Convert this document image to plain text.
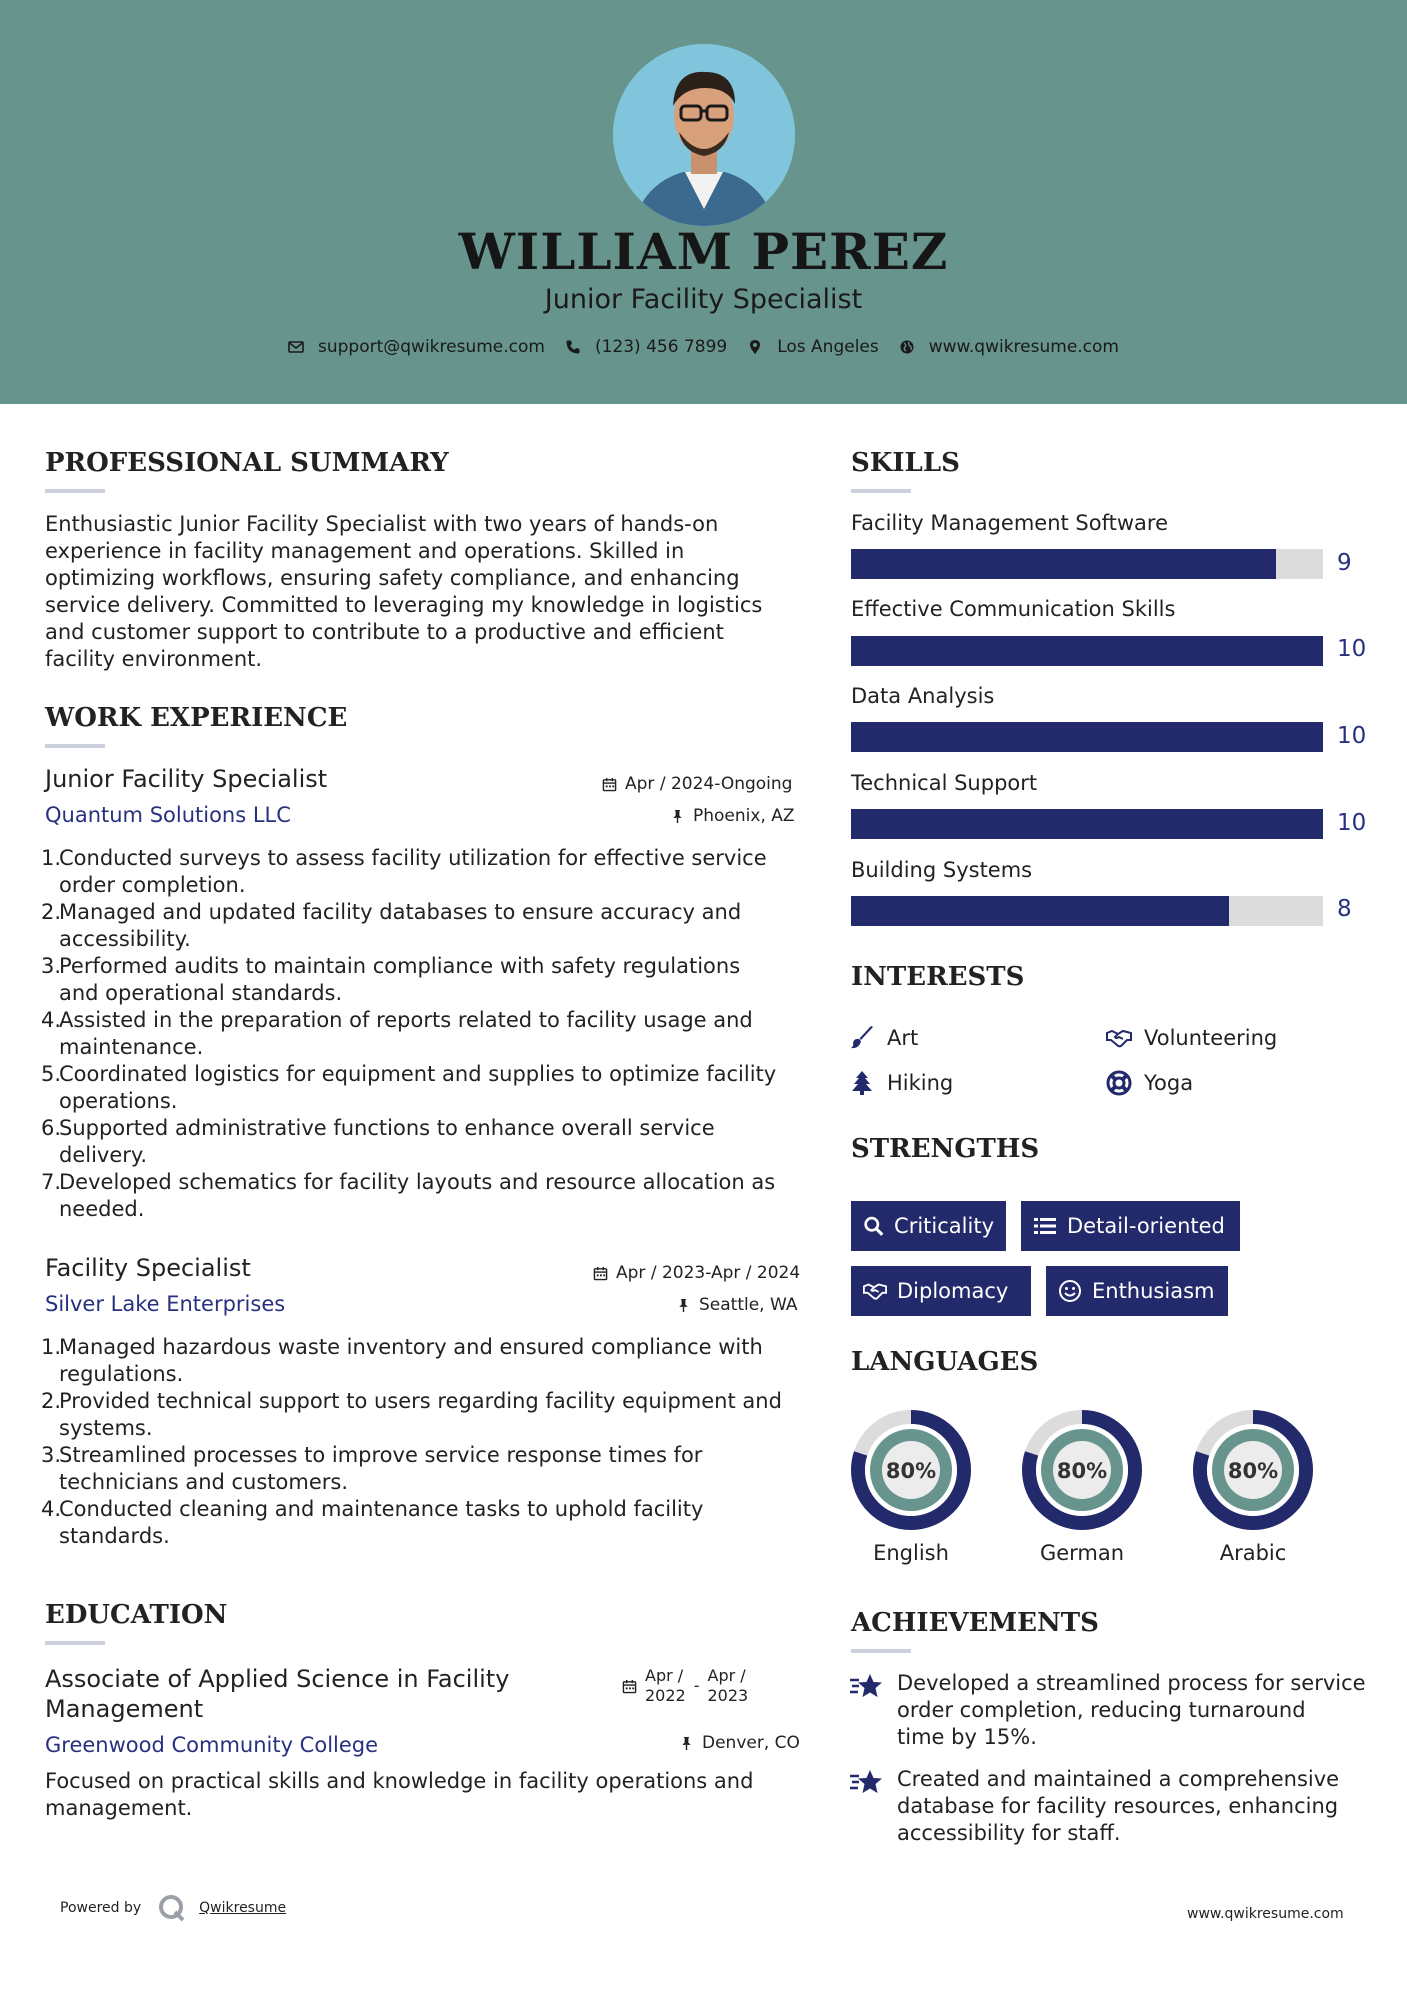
WILLIAM PEREZ
Junior Facility Specialist
support@qwikresume.com	(123) 456 7899	Los Angeles	www.qwikresume.com
PROFESSIONAL SUMMARY
Enthusiastic Junior Facility Specialist with two years of hands-on
experience in facility management and operations. Skilled in
optimizing workflows, ensuring safety compliance, and enhancing
service delivery. Committed to leveraging my knowledge in logistics
and customer support to contribute to a productive and efficient
facility environment.
WORK EXPERIENCE
Junior Facility Specialist	Apr / 2024-Ongoing
Quantum Solutions LLC	Phoenix, AZ
1.
Conducted surveys to assess facility utilization for effective service
order completion.
2.
Managed and updated facility databases to ensure accuracy and
accessibility.
3.
Performed audits to maintain compliance with safety regulations
and operational standards.
4.
Assisted in the preparation of reports related to facility usage and
maintenance.
5.
Coordinated logistics for equipment and supplies to optimize facility
operations.
6.
Supported administrative functions to enhance overall service
delivery.
7.
Developed schematics for facility layouts and resource allocation as
needed.
Facility Specialist	Apr / 2023-Apr / 2024
Silver Lake Enterprises	Seattle, WA
1.
Managed hazardous waste inventory and ensured compliance with
regulations.
2.
Provided technical support to users regarding facility equipment and
systems.
3.
Streamlined processes to improve service response times for
technicians and customers.
4.
Conducted cleaning and maintenance tasks to uphold facility
standards.
EDUCATION
Associate of Applied Science in Facility
Management
Apr /
2022
-
Apr /
2023
Greenwood Community College	Denver, CO
Focused on practical skills and knowledge in facility operations and
management.
SKILLS
Facility Management Software
9
Effective Communication Skills
10
Data Analysis
10
Technical Support
10
Building Systems
8
INTERESTS
Art	Volunteering
Hiking	Yoga
STRENGTHS
Criticality	Detail-oriented
Diplomacy	Enthusiasm
LANGUAGES
80%
English
80%
German
80%
Arabic
ACHIEVEMENTS
Developed a streamlined process for service
order completion, reducing turnaround
time by 15%.
Created and maintained a comprehensive
database for facility resources, enhancing
accessibility for staff.
Powered by	Qwikresume	www.qwikresume.com
